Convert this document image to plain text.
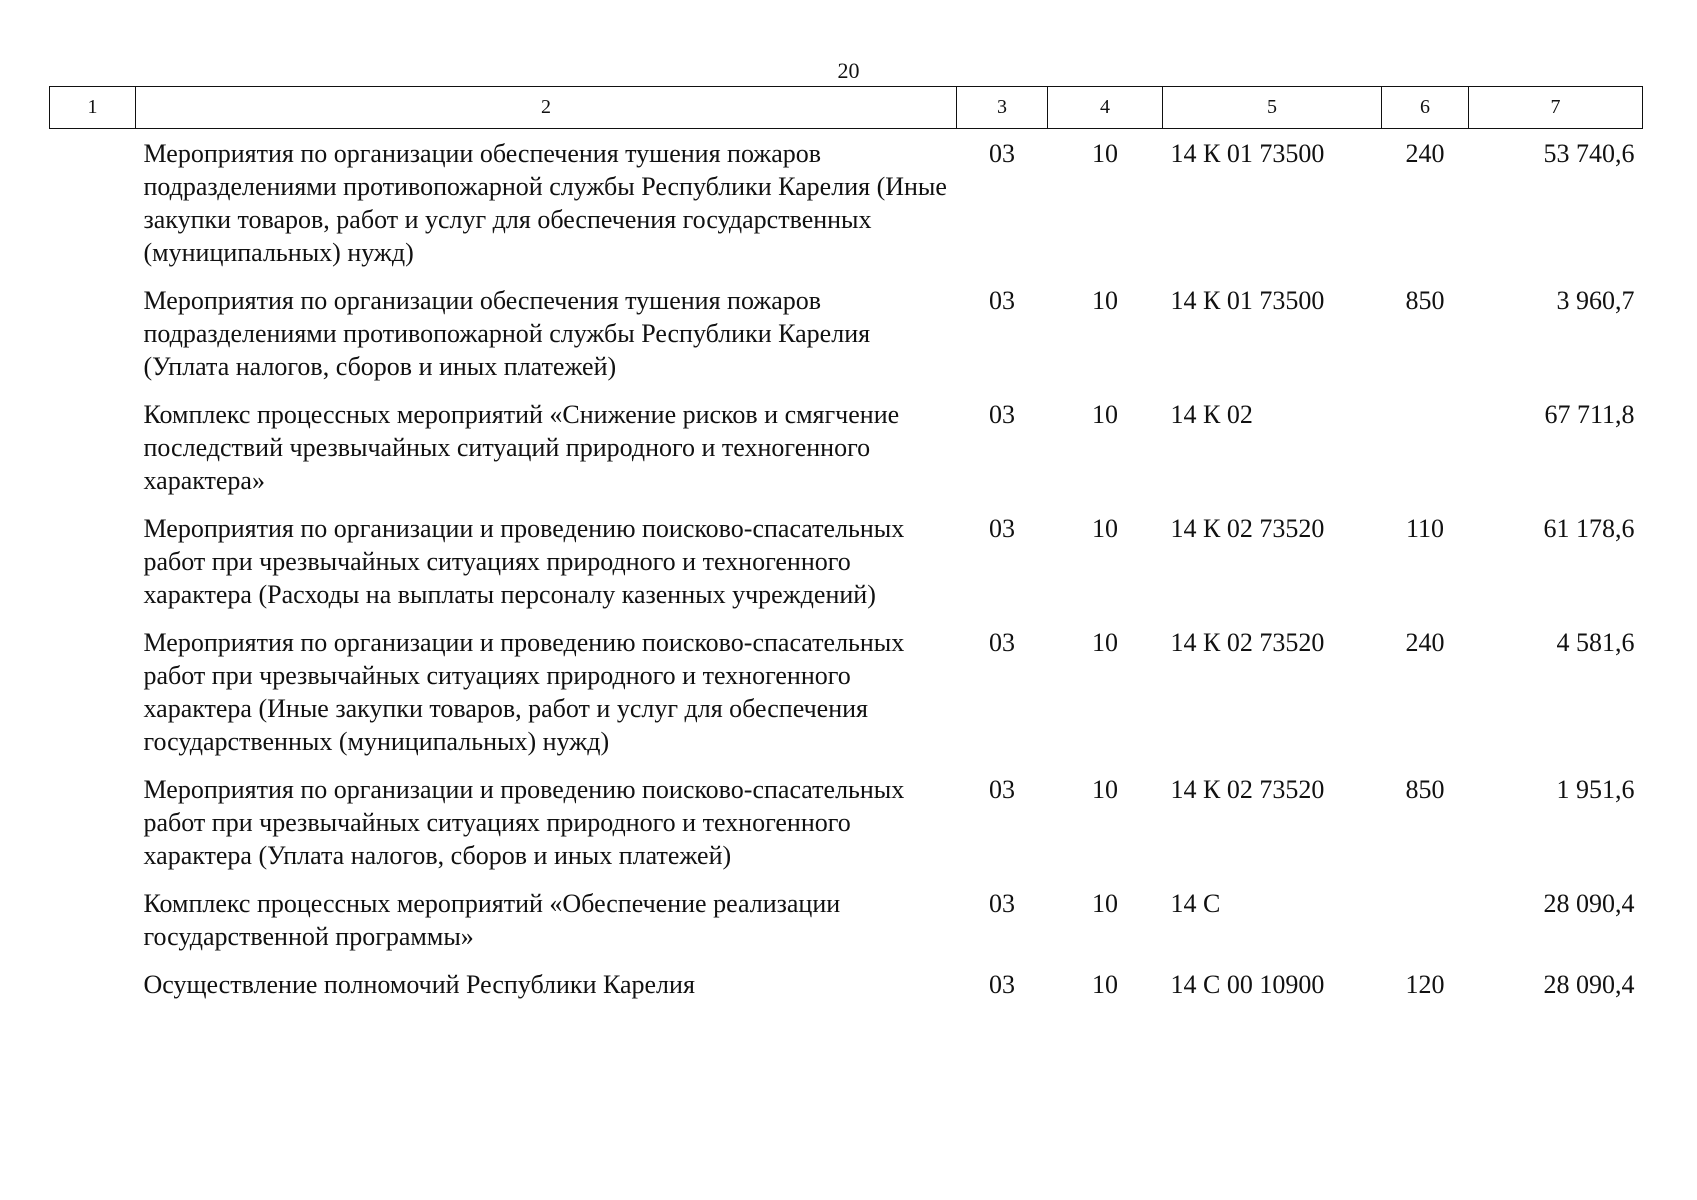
20
1	2	3	4	5	6	7
	Мероприятия по организации обеспечения тушения пожаров подразделениями противопожарной службы Республики Карелия (Иные закупки товаров, работ и услуг для обеспечения государственных (муниципальных) нужд)	03	10	14 К 01 73500	240	53 740,6
	Мероприятия по организации обеспечения тушения пожаров подразделениями противопожарной службы Республики Карелия (Уплата налогов, сборов и иных платежей)	03	10	14 К 01 73500	850	3 960,7
	Комплекс процессных мероприятий «Снижение рисков и смягчение последствий чрезвычайных ситуаций природного и техногенного характера»	03	10	14 К 02		67 711,8
	Мероприятия по организации и проведению поисково-спасательных работ при чрезвычайных ситуациях природного и техногенного характера (Расходы на выплаты персоналу казенных учреждений)	03	10	14 К 02 73520	110	61 178,6
	Мероприятия по организации и проведению поисково-спасательных работ при чрезвычайных ситуациях природного и техногенного характера (Иные закупки товаров, работ и услуг для обеспечения государственных (муниципальных) нужд)	03	10	14 К 02 73520	240	4 581,6
	Мероприятия по организации и проведению поисково-спасательных работ при чрезвычайных ситуациях природного и техногенного характера (Уплата налогов, сборов и иных платежей)	03	10	14 К 02 73520	850	1 951,6
	Комплекс процессных мероприятий «Обеспечение реализации государственной программы»	03	10	14 С		28 090,4
	Осуществление полномочий Республики Карелия	03	10	14 С 00 10900	120	28 090,4
